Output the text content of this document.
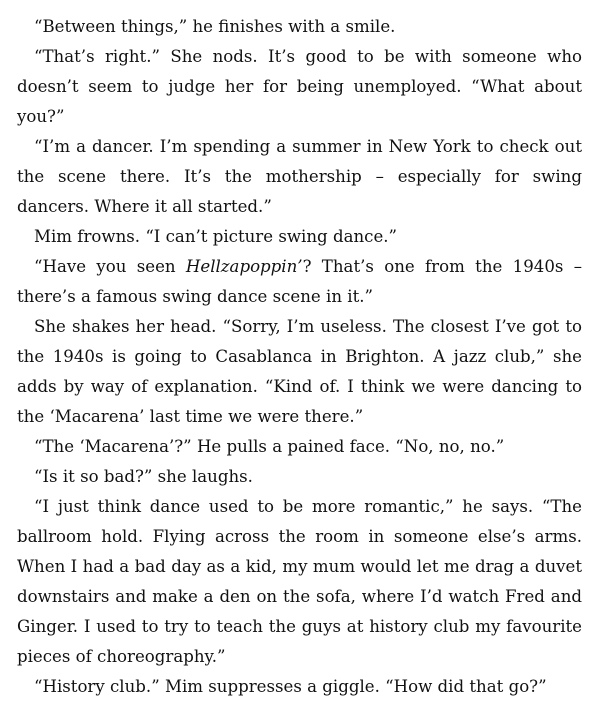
“Between things,” he finishes with a smile.

“That’s right.” She nods. It’s good to be with someone who doesn’t seem to judge her for being unemployed. “What about you?”

“I’m a dancer. I’m spending a summer in New York to check out the scene there. It’s the mothership – especially for swing dancers. Where it all started.”

Mim frowns. “I can’t picture swing dance.”

“Have you seen Hellzapoppin’? That’s one from the 1940s – there’s a famous swing dance scene in it.”

She shakes her head. “Sorry, I’m useless. The closest I’ve got to the 1940s is going to Casablanca in Brighton. A jazz club,” she adds by way of explanation. “Kind of. I think we were dancing to the ‘Macarena’ last time we were there.”

“The ‘Macarena’?” He pulls a pained face. “No, no, no.”

“Is it so bad?” she laughs.

“I just think dance used to be more romantic,” he says. “The ballroom hold. Flying across the room in someone else’s arms. When I had a bad day as a kid, my mum would let me drag a duvet downstairs and make a den on the sofa, where I’d watch Fred and Ginger. I used to try to teach the guys at history club my favourite pieces of choreography.”

“History club.” Mim suppresses a giggle. “How did that go?”
